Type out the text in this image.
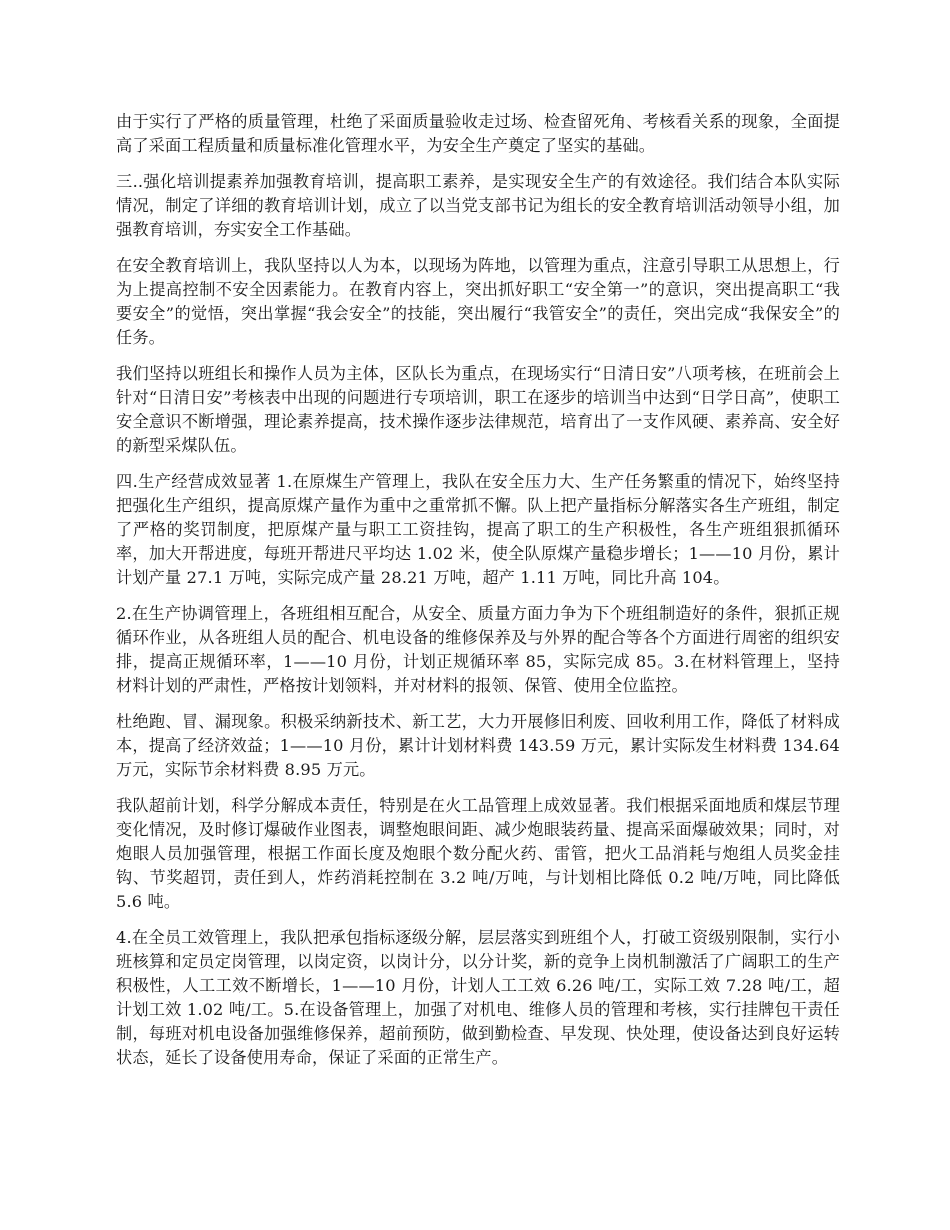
由于实行了严格的质量管理，杜绝了采面质量验收走过场、检查留死角、考核看关系的现象，全面提高了采面工程质量和质量标准化管理水平，为安全生产奠定了坚实的基础。

三..强化培训提素养加强教育培训，提高职工素养，是实现安全生产的有效途径。我们结合本队实际情况，制定了详细的教育培训计划，成立了以当党支部书记为组长的安全教育培训活动领导小组，加强教育培训，夯实安全工作基础。

在安全教育培训上，我队坚持以人为本，以现场为阵地，以管理为重点，注意引导职工从思想上，行为上提高控制不安全因素能力。在教育内容上，突出抓好职工“安全第一”的意识，突出提高职工“我要安全”的觉悟，突出掌握“我会安全”的技能，突出履行“我管安全”的责任，突出完成“我保安全”的任务。

我们坚持以班组长和操作人员为主体，区队长为重点，在现场实行“日清日安”八项考核，在班前会上针对“日清日安”考核表中出现的问题进行专项培训，职工在逐步的培训当中达到“日学日高”，使职工安全意识不断增强，理论素养提高，技术操作逐步法律规范，培育出了一支作风硬、素养高、安全好的新型采煤队伍。

四.生产经营成效显著 1.在原煤生产管理上，我队在安全压力大、生产任务繁重的情况下，始终坚持把强化生产组织，提高原煤产量作为重中之重常抓不懈。队上把产量指标分解落实各生产班组，制定了严格的奖罚制度，把原煤产量与职工工资挂钩，提高了职工的生产积极性，各生产班组狠抓循环率，加大开帮进度，每班开帮进尺平均达 1.02 米，使全队原煤产量稳步增长；1——10 月份，累计计划产量 27.1 万吨，实际完成产量 28.21 万吨，超产 1.11 万吨，同比升高 104。

2.在生产协调管理上，各班组相互配合，从安全、质量方面力争为下个班组制造好的条件，狠抓正规循环作业，从各班组人员的配合、机电设备的维修保养及与外界的配合等各个方面进行周密的组织安排，提高正规循环率，1——10 月份，计划正规循环率 85，实际完成 85。3.在材料管理上，坚持材料计划的严肃性，严格按计划领料，并对材料的报领、保管、使用全位监控。

杜绝跑、冒、漏现象。积极采纳新技术、新工艺，大力开展修旧利废、回收利用工作，降低了材料成本，提高了经济效益；1——10 月份，累计计划材料费 143.59 万元，累计实际发生材料费 134.64 万元，实际节余材料费 8.95 万元。

我队超前计划，科学分解成本责任，特别是在火工品管理上成效显著。我们根据采面地质和煤层节理变化情况，及时修订爆破作业图表，调整炮眼间距、减少炮眼装药量、提高采面爆破效果；同时，对炮眼人员加强管理，根据工作面长度及炮眼个数分配火药、雷管，把火工品消耗与炮组人员奖金挂钩、节奖超罚，责任到人，炸药消耗控制在 3.2 吨/万吨，与计划相比降低 0.2 吨/万吨，同比降低 5.6 吨。

4.在全员工效管理上，我队把承包指标逐级分解，层层落实到班组个人，打破工资级别限制，实行小班核算和定员定岗管理，以岗定资，以岗计分，以分计奖，新的竞争上岗机制激活了广阔职工的生产积极性，人工工效不断增长，1——10 月份，计划人工工效 6.26 吨/工，实际工效 7.28 吨/工，超计划工效 1.02 吨/工。5.在设备管理上，加强了对机电、维修人员的管理和考核，实行挂牌包干责任制，每班对机电设备加强维修保养，超前预防，做到勤检查、早发现、快处理，使设备达到良好运转状态，延长了设备使用寿命，保证了采面的正常生产。
